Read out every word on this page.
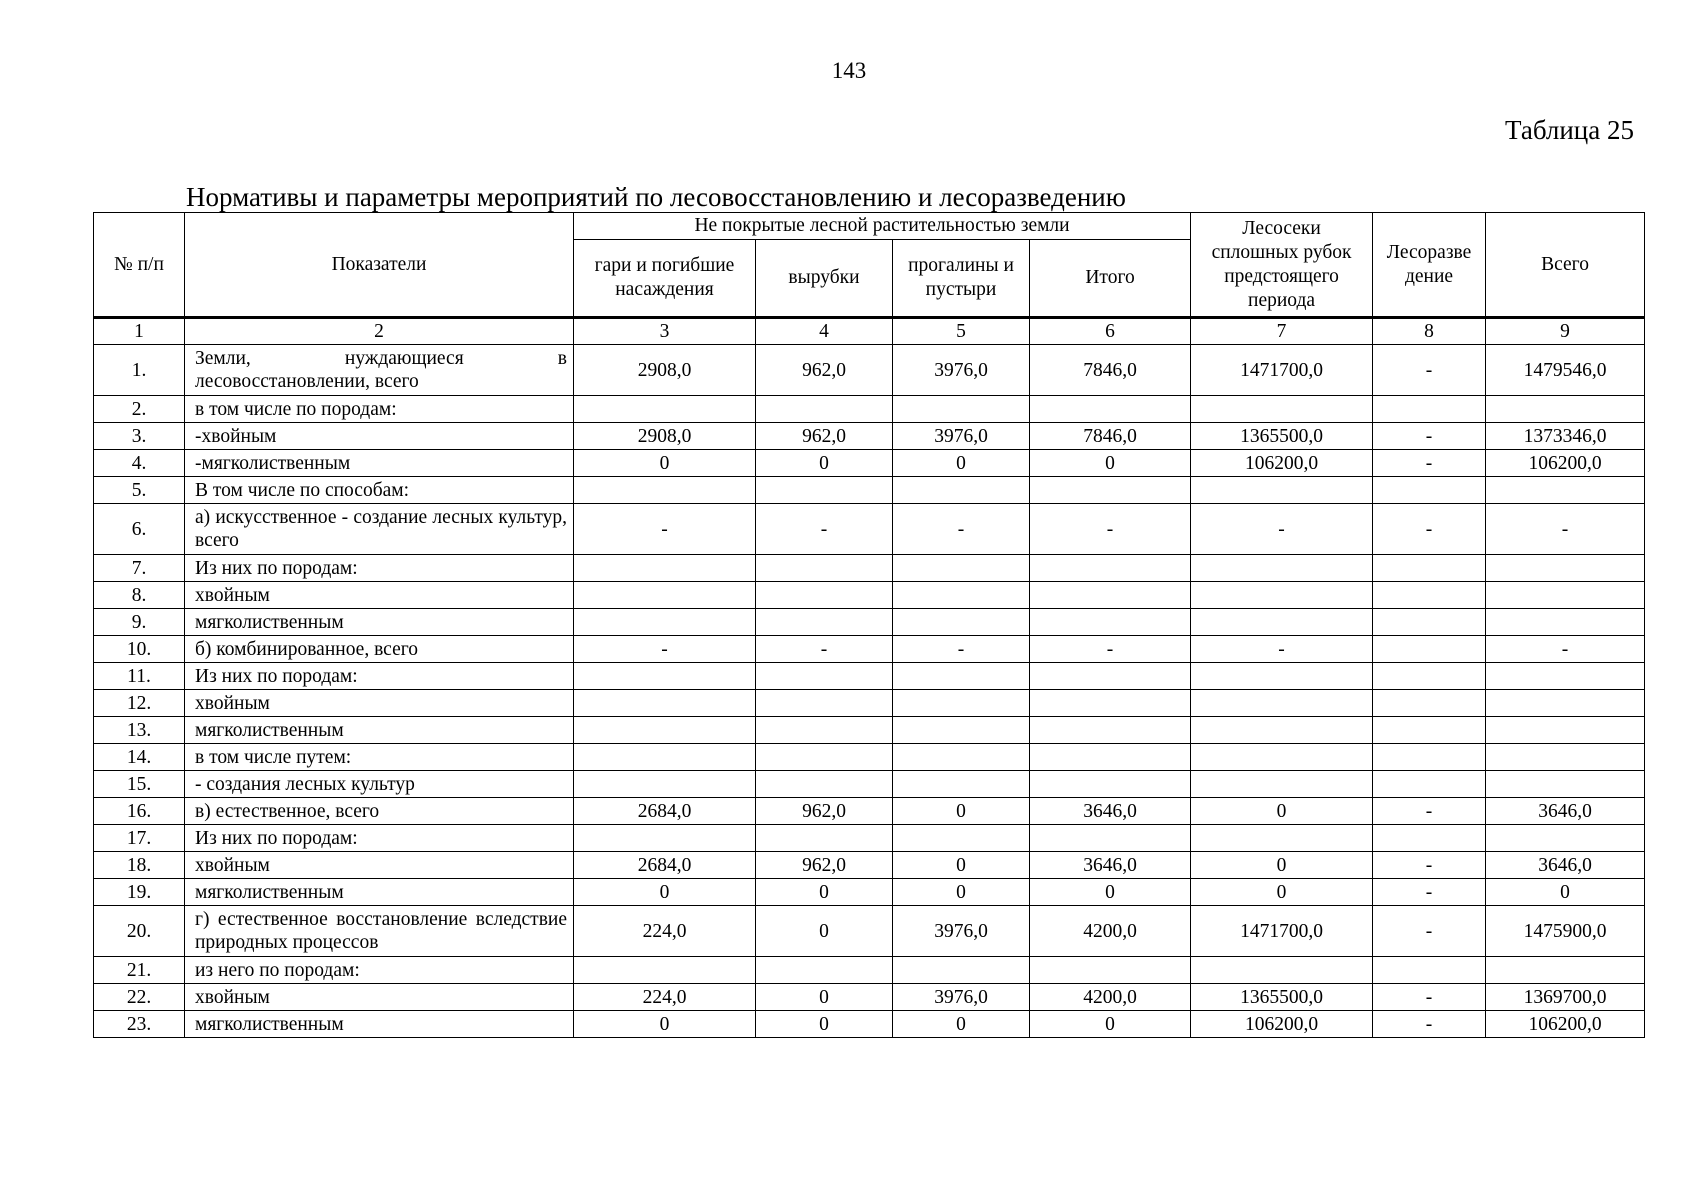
143
Таблица 25
Нормативы и параметры мероприятий по лесовосстановлению и лесоразведению
№ п/п	Показатели	Не покрытые лесной растительностью земли				Лесосеки сплошных рубок предстоящего периода	Лесоразве дение	Всего
		гари и погибшие насаждения	вырубки	прогалины и пустыри	Итого			
1	2	3	4	5	6	7	8	9
1.	Земли, нуждающиеся в лесовосстановлении, всего	2908,0	962,0	3976,0	7846,0	1471700,0	-	1479546,0
2.	в том числе по породам:							
3.	-хвойным	2908,0	962,0	3976,0	7846,0	1365500,0	-	1373346,0
4.	-мягколиственным	0	0	0	0	106200,0	-	106200,0
5.	В том числе по способам:							
6.	а) искусственное - создание лесных культур, всего	-	-	-	-	-	-	-
7.	Из них по породам:							
8.	хвойным							
9.	мягколиственным							
10.	б) комбинированное, всего	-	-	-	-	-		-
11.	Из них по породам:							
12.	хвойным							
13.	мягколиственным							
14.	в том числе путем:							
15.	- создания лесных культур							
16.	в) естественное, всего	2684,0	962,0	0	3646,0	0	-	3646,0
17.	Из них по породам:							
18.	хвойным	2684,0	962,0	0	3646,0	0	-	3646,0
19.	мягколиственным	0	0	0	0	0	-	0
20.	г) естественное восстановление вследствие природных процессов	224,0	0	3976,0	4200,0	1471700,0	-	1475900,0
21.	из него по породам:							
22.	хвойным	224,0	0	3976,0	4200,0	1365500,0	-	1369700,0
23.	мягколиственным	0	0	0	0	106200,0	-	106200,0
